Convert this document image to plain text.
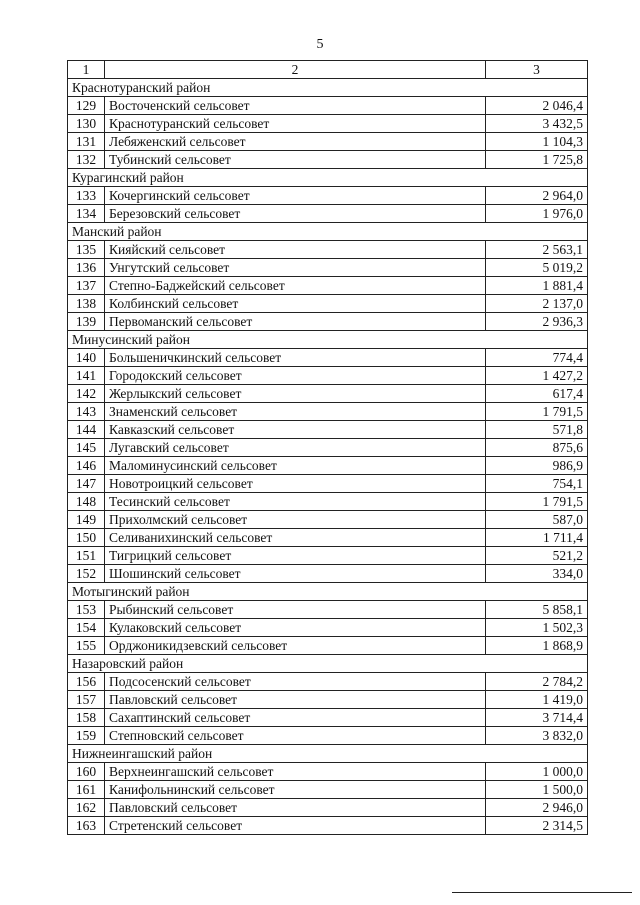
5
1	2	3
Краснотуранский район		
129	Восточенский сельсовет	2 046,4
130	Краснотуранский сельсовет	3 432,5
131	Лебяженский сельсовет	1 104,3
132	Тубинский сельсовет	1 725,8
Курагинский район		
133	Кочергинский сельсовет	2 964,0
134	Березовский сельсовет	1 976,0
Манский район		
135	Кияйский сельсовет	2 563,1
136	Унгутский сельсовет	5 019,2
137	Степно-Баджейский сельсовет	1 881,4
138	Колбинский сельсовет	2 137,0
139	Первоманский сельсовет	2 936,3
Минусинский район		
140	Большеничкинский сельсовет	774,4
141	Городокский сельсовет	1 427,2
142	Жерлыкский сельсовет	617,4
143	Знаменский сельсовет	1 791,5
144	Кавказский сельсовет	571,8
145	Лугавский сельсовет	875,6
146	Маломинусинский сельсовет	986,9
147	Новотроицкий сельсовет	754,1
148	Тесинский сельсовет	1 791,5
149	Прихолмский сельсовет	587,0
150	Селиванихинский сельсовет	1 711,4
151	Тигрицкий сельсовет	521,2
152	Шошинский сельсовет	334,0
Мотыгинский район		
153	Рыбинский сельсовет	5 858,1
154	Кулаковский сельсовет	1 502,3
155	Орджоникидзевский сельсовет	1 868,9
Назаровский район		
156	Подсосенский сельсовет	2 784,2
157	Павловский сельсовет	1 419,0
158	Сахаптинский сельсовет	3 714,4
159	Степновский сельсовет	3 832,0
Нижнеингашский район		
160	Верхнеингашский сельсовет	1 000,0
161	Канифольнинский сельсовет	1 500,0
162	Павловский сельсовет	2 946,0
163	Стретенский сельсовет	2 314,5
